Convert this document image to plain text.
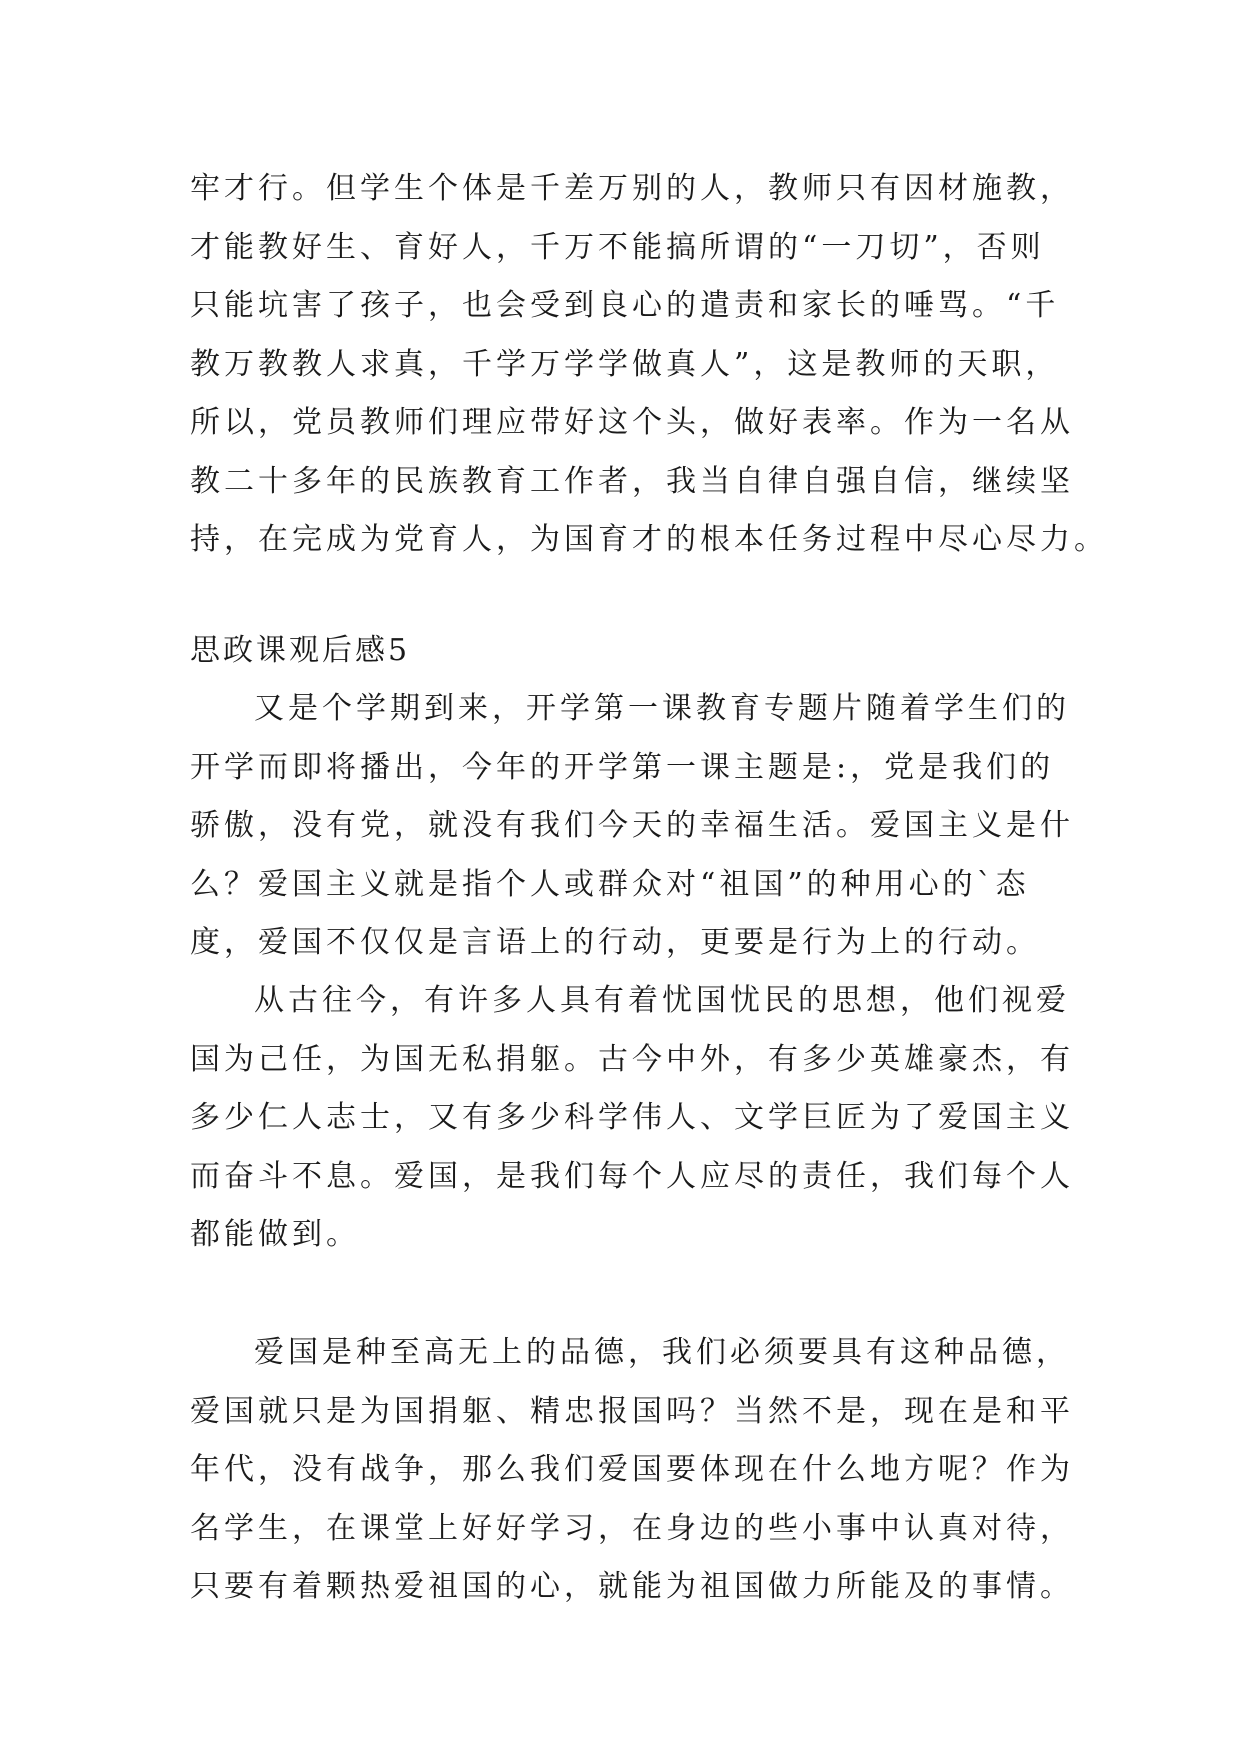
牢才行。但学生个体是千差万别的人，教师只有因材施教，
才能教好生、育好人，千万不能搞所谓的“一刀切”，否则
只能坑害了孩子，也会受到良心的遣责和家长的唾骂。“千
教万教教人求真，千学万学学做真人”，这是教师的天职，
所以，党员教师们理应带好这个头，做好表率。作为一名从
教二十多年的民族教育工作者，我当自律自强自信，继续坚
持，在完成为党育人，为国育才的根本任务过程中尽心尽力。
思政课观后感5
又是个学期到来，开学第一课教育专题片随着学生们的
开学而即将播出，今年的开学第一课主题是:，党是我们的
骄傲，没有党，就没有我们今天的幸福生活。爱国主义是什
么？爱国主义就是指个人或群众对“祖国”的种用心的`态
度，爱国不仅仅是言语上的行动，更要是行为上的行动。
从古往今，有许多人具有着忧国忧民的思想，他们视爱
国为己任，为国无私捐躯。古今中外，有多少英雄豪杰，有
多少仁人志士，又有多少科学伟人、文学巨匠为了爱国主义
而奋斗不息。爱国，是我们每个人应尽的责任，我们每个人
都能做到。
爱国是种至高无上的品德，我们必须要具有这种品德，
爱国就只是为国捐躯、精忠报国吗？当然不是，现在是和平
年代，没有战争，那么我们爱国要体现在什么地方呢？作为
名学生，在课堂上好好学习，在身边的些小事中认真对待，
只要有着颗热爱祖国的心，就能为祖国做力所能及的事情。
